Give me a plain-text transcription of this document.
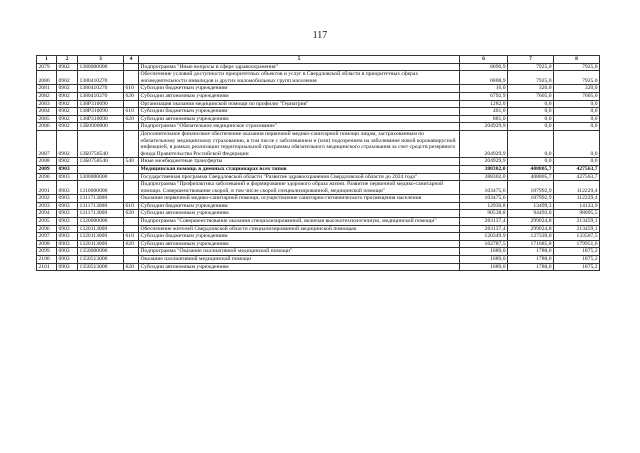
117
1	2	3	4	5	6	7	8
2079	0902	1380000000		Подпрограмма "Иные вопросы в сфере здравоохранения"	8090,9	7925,0	7925,0
2080	0902	1380410270		Обеспечение условий доступности приоритетных объектов и услуг в Свердловской области в приоритетных сферах жизнедеятельности инвалидов и других маломобильных групп населения	6808,9	7925,0	7925,0
2081	0902	1380410270	610	Субсидии бюджетным учреждениям	16,0	320,0	320,0
2082	0902	1380410270	620	Субсидии автономным учреждениям	6792,9	7605,0	7605,0
2083	0902	138Р310090		Организация оказания медицинской помощи по профилю "Гериатрия"	1282,0	0,0	0,0
2084	0902	138Р310090	610	Субсидии бюджетным учреждениям	401,0	0,0	0,0
2085	0902	138Р310090	620	Субсидии автономным учреждениям	881,0	0,0	0,0
2086	0902	13Б0000000		Подпрограмма "Обязательное медицинское страхование"	204929,9	0,0	0,0
2087	0902	13Б0758540		Дополнительное финансовое обеспечение оказания первичной медико-санитарной помощи лицам, застрахованным по обязательному медицинскому страхованию, в том числе с заболеванием и (или) подозрением на заболевание новой коронавирусной инфекцией, в рамках реализации территориальной программы обязательного медицинского страхования за счет средств резервного фонда Правительства Российской Федерации	204929,9	0,0	0,0
2088	0902	13Б0758540	540	Иные межбюджетные трансферты	204929,9	0,0	0,0
2089	0903			Медицинская помощь в дневных стационарах всех типов	388302,0	408805,7	427563,7
2090	0903	1300000000		Государственная программа Свердловской области "Развитие здравоохранения Свердловской области до 2024 года"	388302,0	408805,7	427563,7
2091	0903	1310000000		Подпрограмма "Профилактика заболеваний и формирование здорового образа жизни. Развитие первичной медико-санитарной помощи. Совершенствование скорой, в том числе скорой специализированной, медицинской помощи"	103475,6	107992,9	112229,4
2092	0903	1311713000		Оказание первичной медико-санитарной помощи, осуществление санитарно-гигиенического просвещения населения	103475,6	107992,9	112229,4
2093	0903	1311713000	610	Субсидии бюджетным учреждениям	12936,8	13499,3	14133,9
2094	0903	1311713000	620	Субсидии автономным учреждениям	90538,8	94493,6	98095,5
2095	0903	1320000000		Подпрограмма "Совершенствование оказания специализированной, включая высокотехнологичную, медицинской помощи"	283137,4	299024,8	313459,1
2096	0903	1320113000		Обеспечение жителей Свердловской области специализированной медицинской помощью	283137,4	299024,8	313459,1
2097	0903	1320113000	610	Субсидии бюджетным учреждениям	120349,9	127339,0	133507,5
2098	0903	1320113000	620	Субсидии автономным учреждениям	162787,5	171685,8	179951,6
2099	0903	1350000000		Подпрограмма "Оказание паллиативной медицинской помощи"	1689,0	1788,0	1875,2
2100	0903	1350513000		Оказание паллиативной медицинской помощи	1689,0	1788,0	1875,2
2101	0903	1350513000	620	Субсидии автономным учреждениям	1689,0	1788,0	1875,2
